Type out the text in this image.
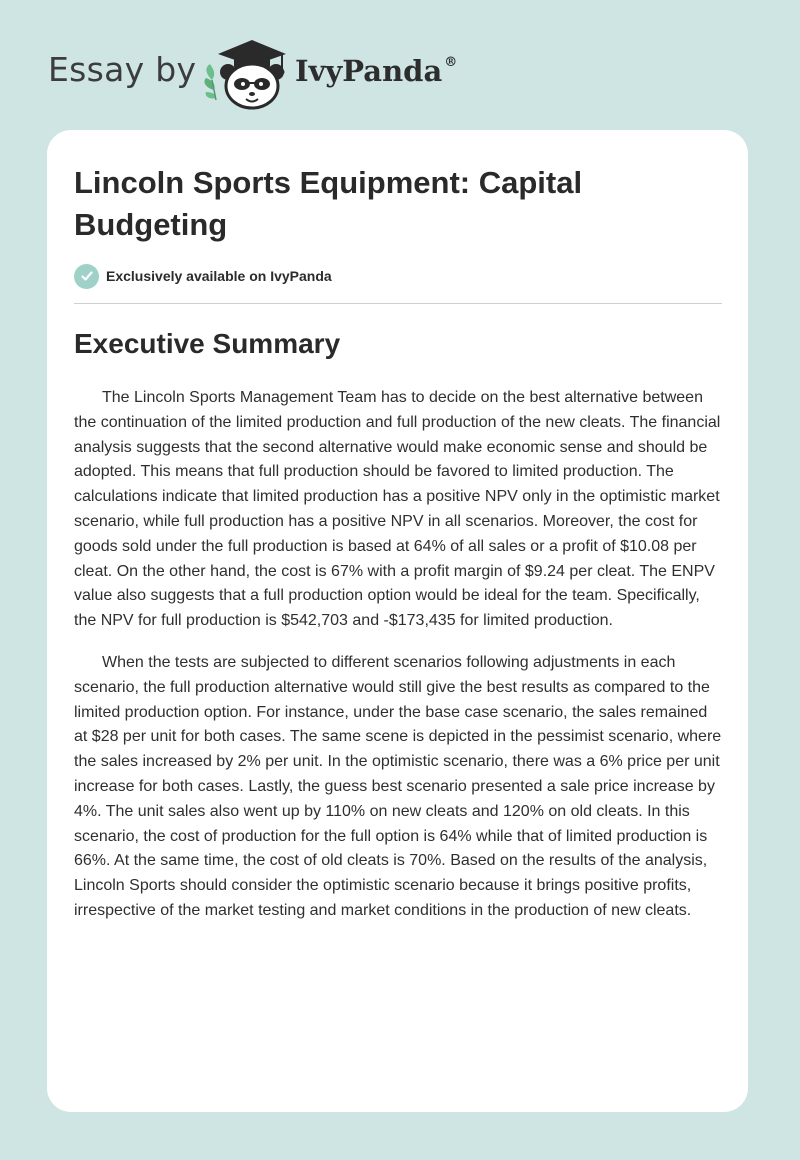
Essay by	IvyPanda ®
Lincoln Sports Equipment: Capital Budgeting
Exclusively available on IvyPanda
Executive Summary

The Lincoln Sports Management Team has to decide on the best alternative between the continuation of the limited production and full production of the new cleats. The financial analysis suggests that the second alternative would make economic sense and should be adopted. This means that full production should be favored to limited production. The calculations indicate that limited production has a positive NPV only in the optimistic market scenario, while full production has a positive NPV in all scenarios. Moreover, the cost for goods sold under the full production is based at 64% of all sales or a profit of $10.08 per cleat. On the other hand, the cost is 67% with a profit margin of $9.24 per cleat. The ENPV value also suggests that a full production option would be ideal for the team. Specifically, the NPV for full production is $542,703 and -$173,435 for limited production.

When the tests are subjected to different scenarios following adjustments in each scenario, the full production alternative would still give the best results as compared to the limited production option. For instance, under the base case scenario, the sales remained at $28 per unit for both cases. The same scene is depicted in the pessimist scenario, where the sales increased by 2% per unit. In the optimistic scenario, there was a 6% price per unit increase for both cases. Lastly, the guess best scenario presented a sale price increase by 4%. The unit sales also went up by 110% on new cleats and 120% on old cleats. In this scenario, the cost of production for the full option is 64% while that of limited production is 66%. At the same time, the cost of old cleats is 70%. Based on the results of the analysis, Lincoln Sports should consider the optimistic scenario because it brings positive profits, irrespective of the market testing and market conditions in the production of new cleats.
